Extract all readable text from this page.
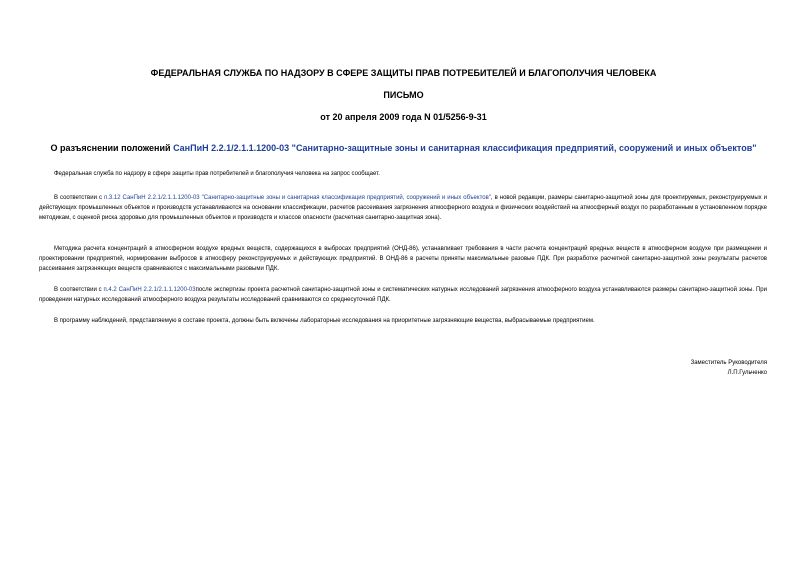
ФЕДЕРАЛЬНАЯ СЛУЖБА ПО НАДЗОРУ В СФЕРЕ ЗАЩИТЫ ПРАВ ПОТРЕБИТЕЛЕЙ И БЛАГОПОЛУЧИЯ ЧЕЛОВЕКА
ПИСЬМО
от 20 апреля 2009 года N 01/5256-9-31
О разъяснении положений СанПиН 2.2.1/2.1.1.1200-03 "Санитарно-защитные зоны и санитарная классификация предприятий, сооружений и иных объектов"

Федеральная служба по надзору в сфере защиты прав потребителей и благополучия человека на запрос сообщает.

В соответствии с п.3.12 СанПиН 2.2.1/2.1.1.1200-03 "Санитарно-защитные зоны и санитарная классификация предприятий, сооружений и иных объектов", в новой редакции, размеры санитарно-защитной зоны для проектируемых, реконструируемых и действующих промышленных объектов и производств устанавливаются на основании классификации, расчетов рассеивания загрязнения атмосферного воздуха и физических воздействий на атмосферный воздух по разработанным в установленном порядке методикам, с оценкой риска здоровью для промышленных объектов и производств и классов опасности (расчетная санитарно-защитная зона).

Методика расчета концентраций в атмосферном воздухе вредных веществ, содержащихся в выбросах предприятий (ОНД-86), устанавливает требования в части расчета концентраций вредных веществ в атмосферном воздухе при размещении и проектировании предприятий, нормировании выбросов в атмосферу реконструируемых и действующих предприятий. В ОНД-86 в расчеты приняты максимальные разовые ПДК. При разработке расчетной санитарно-защитной зоны результаты расчетов рассеивания загрязняющих веществ сравниваются с максимальными разовыми ПДК.

В соответствии с п.4.2 СанПиН 2.2.1/2.1.1.1200-03после экспертизы проекта расчетной санитарно-защитной зоны и систематических натурных исследований загрязнения атмосферного воздуха устанавливаются размеры санитарно-защитной зоны. При проведении натурных исследований атмосферного воздуха результаты исследований сравниваются со среднесуточной ПДК.

В программу наблюдений, представляемую в составе проекта, должны быть включены лабораторные исследования на приоритетные загрязняющие вещества, выбрасываемые предприятием.

Заместитель Руководителя
Л.П.Гульченко
